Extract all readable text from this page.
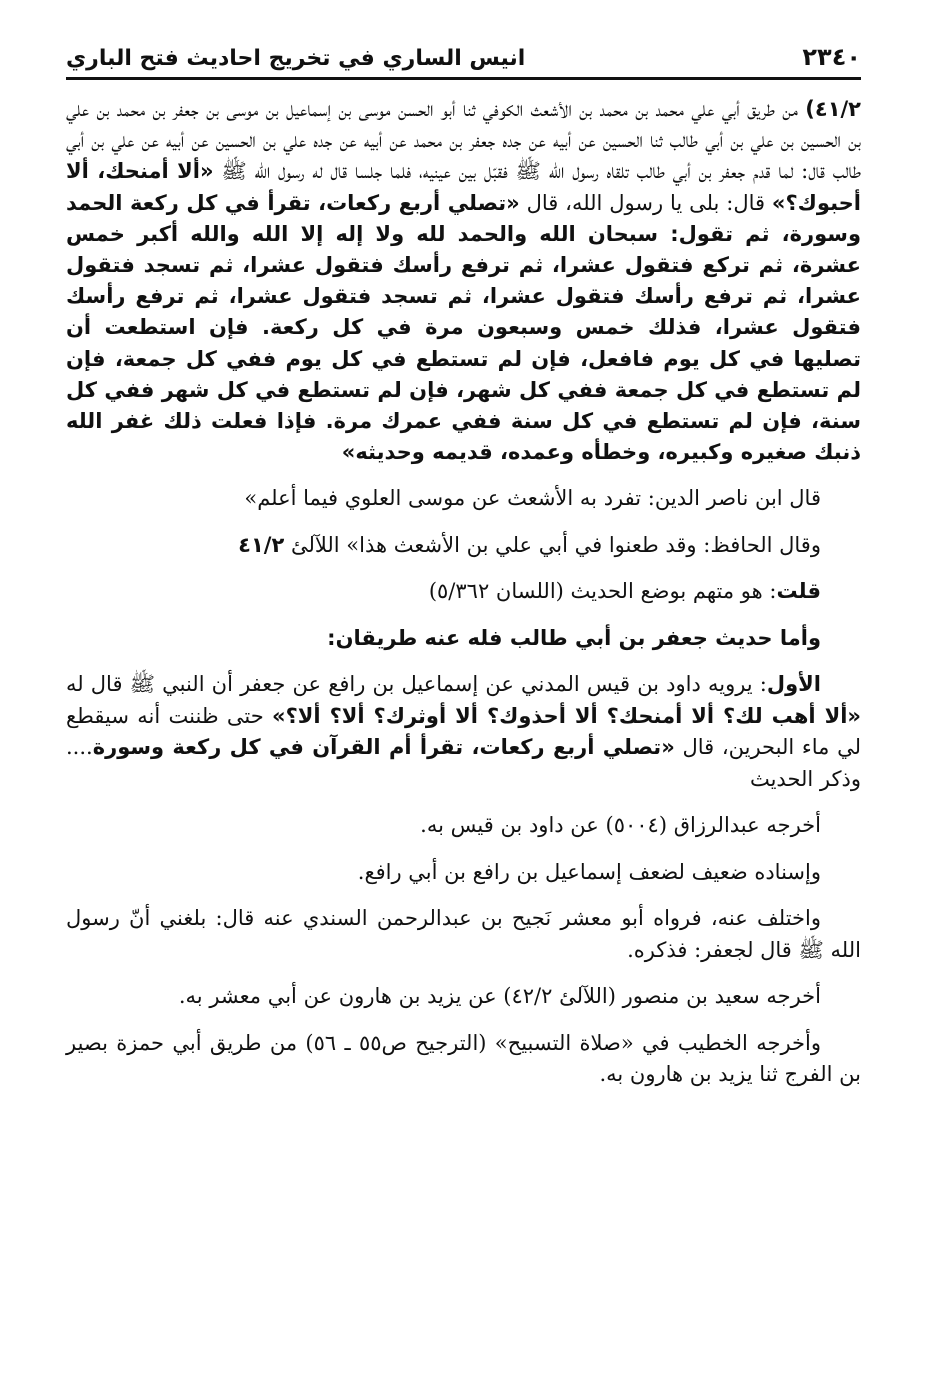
انيس الساري في تخريج احاديث فتح الباري	٢٣٤٠

٤١/٢) من طريق أبي علي محمد بن محمد بن الأشعث الكوفي ثنا أبو الحسن موسى بن إسماعيل بن موسى بن جعفر بن محمد بن علي بن الحسين بن علي بن أبي طالب ثنا الحسين عن أبيه عن جده جعفر بن محمد عن أبيه عن جده علي بن الحسين عن أبيه عن علي بن أبي طالب قال: لما قدم جعفر بن أبي طالب تلقاه رسول الله ﷺ فقبّل بين عينيه، فلما جلسا قال له رسول الله ﷺ «ألا أمنحك، ألا أحبوك؟» قال: بلى يا رسول الله، قال «تصلي أربع ركعات، تقرأ في كل ركعة الحمد وسورة، ثم تقول: سبحان الله والحمد لله ولا إله إلا الله والله أكبر خمس عشرة، ثم تركع فتقول عشرا، ثم ترفع رأسك فتقول عشرا، ثم تسجد فتقول عشرا، ثم ترفع رأسك فتقول عشرا، ثم تسجد فتقول عشرا، ثم ترفع رأسك فتقول عشرا، فذلك خمس وسبعون مرة في كل ركعة. فإن استطعت أن تصليها في كل يوم فافعل، فإن لم تستطع في كل يوم ففي كل جمعة، فإن لم تستطع في كل جمعة ففي كل شهر، فإن لم تستطع في كل شهر ففي كل سنة، فإن لم تستطع في كل سنة ففي عمرك مرة. فإذا فعلت ذلك غفر الله ذنبك صغيره وكبيره، وخطأه وعمده، قديمه وحديثه»

قال ابن ناصر الدين: تفرد به الأشعث عن موسى العلوي فيما أعلم»

وقال الحافظ: وقد طعنوا في أبي علي بن الأشعث هذا» اللآلئ ٤١/٢

قلت: هو متهم بوضع الحديث (اللسان ٥/٣٦٢)

وأما حديث جعفر بن أبي طالب فله عنه طريقان:

الأول: يرويه داود بن قيس المدني عن إسماعيل بن رافع عن جعفر أن النبي ﷺ قال له «ألا أهب لك؟ ألا أمنحك؟ ألا أحذوك؟ ألا أوثرك؟ ألا؟ ألا؟» حتى ظننت أنه سيقطع لي ماء البحرين، قال «تصلي أربع ركعات، تقرأ أم القرآن في كل ركعة وسورة.... وذكر الحديث

أخرجه عبدالرزاق (٥٠٠٤) عن داود بن قيس به.

وإسناده ضعيف لضعف إسماعيل بن رافع بن أبي رافع.

واختلف عنه، فرواه أبو معشر نَجيح بن عبدالرحمن السندي عنه قال: بلغني أنّ رسول الله ﷺ قال لجعفر: فذكره.

أخرجه سعيد بن منصور (اللآلئ ٤٢/٢) عن يزيد بن هارون عن أبي معشر به.

وأخرجه الخطيب في «صلاة التسبيح» (الترجيح ص٥٥ ـ ٥٦) من طريق أبي حمزة بصير بن الفرج ثنا يزيد بن هارون به.
